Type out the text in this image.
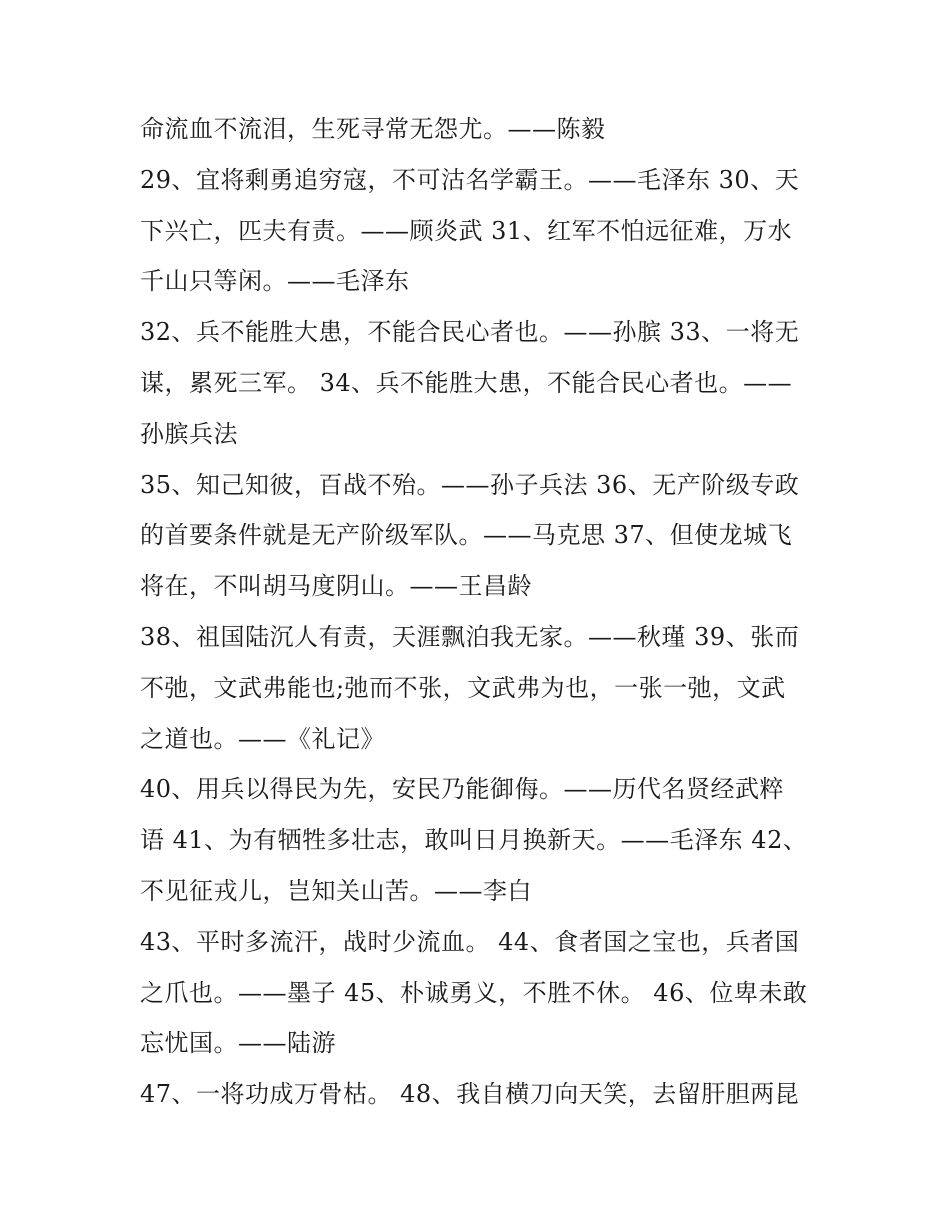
命流血不流泪，生死寻常无怨尤。——陈毅
29、宜将剩勇追穷寇，不可沽名学霸王。——毛泽东 30、天
下兴亡，匹夫有责。——顾炎武 31、红军不怕远征难，万水
千山只等闲。——毛泽东
32、兵不能胜大患，不能合民心者也。——孙膑 33、一将无
谋，累死三军。 34、兵不能胜大患，不能合民心者也。——
孙膑兵法
35、知己知彼，百战不殆。——孙子兵法 36、无产阶级专政
的首要条件就是无产阶级军队。——马克思 37、但使龙城飞
将在，不叫胡马度阴山。——王昌龄
38、祖国陆沉人有责，天涯飘泊我无家。——秋瑾 39、张而
不弛，文武弗能也;弛而不张，文武弗为也，一张一弛，文武
之道也。——《礼记》
40、用兵以得民为先，安民乃能御侮。——历代名贤经武粹
语 41、为有牺牲多壮志，敢叫日月换新天。——毛泽东 42、
不见征戎儿，岂知关山苦。——李白
43、平时多流汗，战时少流血。 44、食者国之宝也，兵者国
之爪也。——墨子 45、朴诚勇义，不胜不休。 46、位卑未敢
忘忧国。——陆游
47、一将功成万骨枯。 48、我自横刀向天笑，去留肝胆两昆
